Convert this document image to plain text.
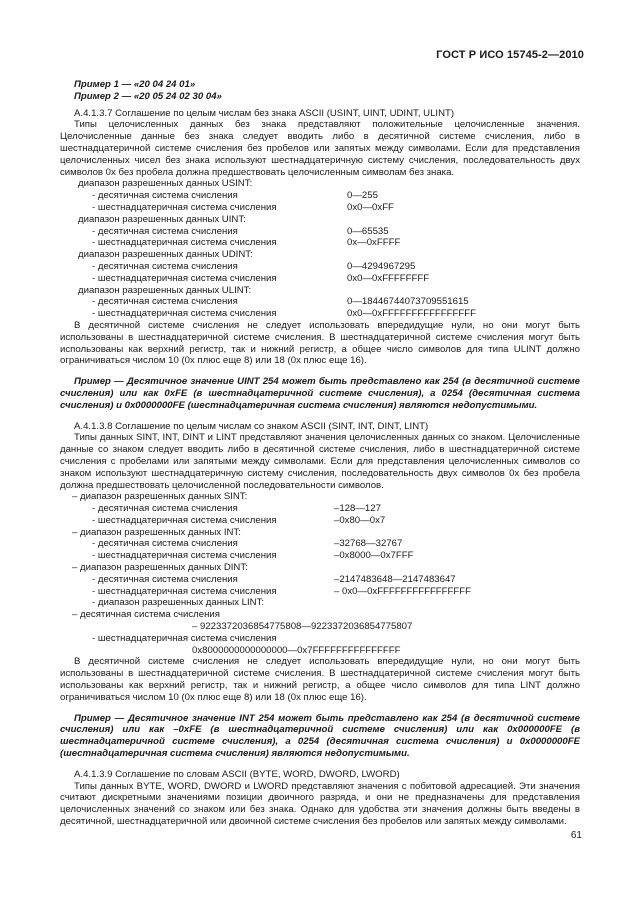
ГОСТ Р ИСО 15745-2—2010

Пример 1 — «20 04 24 01»

Пример 2 — «20 05 24 02 30 04»

А.4.1.3.7 Соглашение по целым числам без знака ASCII (USINT, UINT, UDINT, ULINT)

Типы целочисленных данных без знака представляют положительные целочисленные значения. Целочисленные данные без знака следует вводить либо в десятичной системе счисления, либо в шестнадцатеричной системе счисления без пробелов или запятых между символами. Если для представления целочисленных чисел без знака используют шестнадцатеричную систему счисления, последовательность двух символов 0x без пробела должна предшествовать целочисленным символам без знака.

диапазон разрешенных данных USINT:
- десятичная система счисления	0—255
- шестнадцатеричная система счисления	0x0—0xFF
диапазон разрешенных данных UINT:
- десятичная система счисления	0—65535
- шестнадцатеричная система счисления	0x—0xFFFF
диапазон разрешенных данных UDINT:
- десятичная система счисления	0—4294967295
- шестнадцатеричная система счисления	0x0—0xFFFFFFFF
диапазон разрешенных данных ULINT:
- десятичная система счисления	0—18446744073709551615
- шестнадцатеричная система счисления	0x0—0xFFFFFFFFFFFFFFFF

В десятичной системе счисления не следует использовать впередидущие нули, но они могут быть использованы в шестнадцатеричной системе счисления. В шестнадцатеричной системе счисления могут быть использованы как верхний регистр, так и нижний регистр, а общее число символов для типа ULINT должно ограничиваться числом 10 (0х плюс еще 8) или 18 (0х плюс еще 16).

Пример — Десятичное значение UINT 254 может быть представлено как 254 (в десятичной системе счисления) или как 0xFE (в шестнадцатеричной системе счисления), а 0254 (десятичная система счисления) и 0x0000000FE (шестнадцатеричная система счисления) являются недопустимыми.

А.4.1.3.8 Соглашение по целым числам со знаком ASCII (SINT, INT, DINT, LINT)

Типы данных SINT, INT, DINT и LINT представляют значения целочисленных данных со знаком. Целочисленные данные со знаком следует вводить либо в десятичной системе счисления, либо в шестнадцатеричной системе счисления с пробелами или запятыми между символами. Если для представления целочисленных символов со знаком используют шестнадцатеричную систему счисления, последовательность двух символов 0x без пробела должна предшествовать целочисленной последовательности символов.

– диапазон разрешенных данных SINT:
- десятичная система счисления	–128—127
- шестнадцатеричная система счисления	–0x80—0x7
– диапазон разрешенных данных INT:
- десятичная система счисления	–32768—32767
- шестнадцатеричная система счисления	–0x8000—0x7FFF
– диапазон разрешенных данных DINT:
- десятичная система счисления	–2147483648—2147483647
- шестнадцатеричная система счисления	– 0x0—0xFFFFFFFFFFFFFFFF
- диапазон разрешенных данных LINT:
– десятичная система счисления
– 9223372036854775808—9223372036854775807
- шестнадцатеричная система счисления
0x8000000000000000—0x7FFFFFFFFFFFFFFF

В десятичной системе счисления не следует использовать впередидущие нули, но они могут быть использованы в шестнадцатеричной системе счисления. В шестнадцатеричной системе счисления могут быть использованы как верхний регистр, так и нижний регистр, а общее число символов для типа LINT должно ограничиваться числом 10 (0х плюс еще 8) или 18 (0х плюс еще 16).

Пример — Десятичное значение INT 254 может быть представлено как 254 (в десятичной системе счисления) или как –0xFE (в шестнадцатеричной системе счисления) или как 0x000000FE (в шестнадцатеричной системе счисления), а 0254 (десятичная система счисления) и 0x0000000FE (шестнадцатеричная система счисления) являются недопустимыми.

А.4.1.3.9 Соглашение по словам ASCII (BYTE, WORD, DWORD, LWORD)

Типы данных BYTE, WORD, DWORD и LWORD представляют значения с побитовой адресацией. Эти значения считают дискретными значениями позиции двоичного разряда, и они не предназначены для представления целочисленных значений со знаком или без знака. Однако для удобства эти значения должны быть введены в десятичной, шестнадцатеричной или двоичной системе счисления без пробелов или запятых между символами.

61
